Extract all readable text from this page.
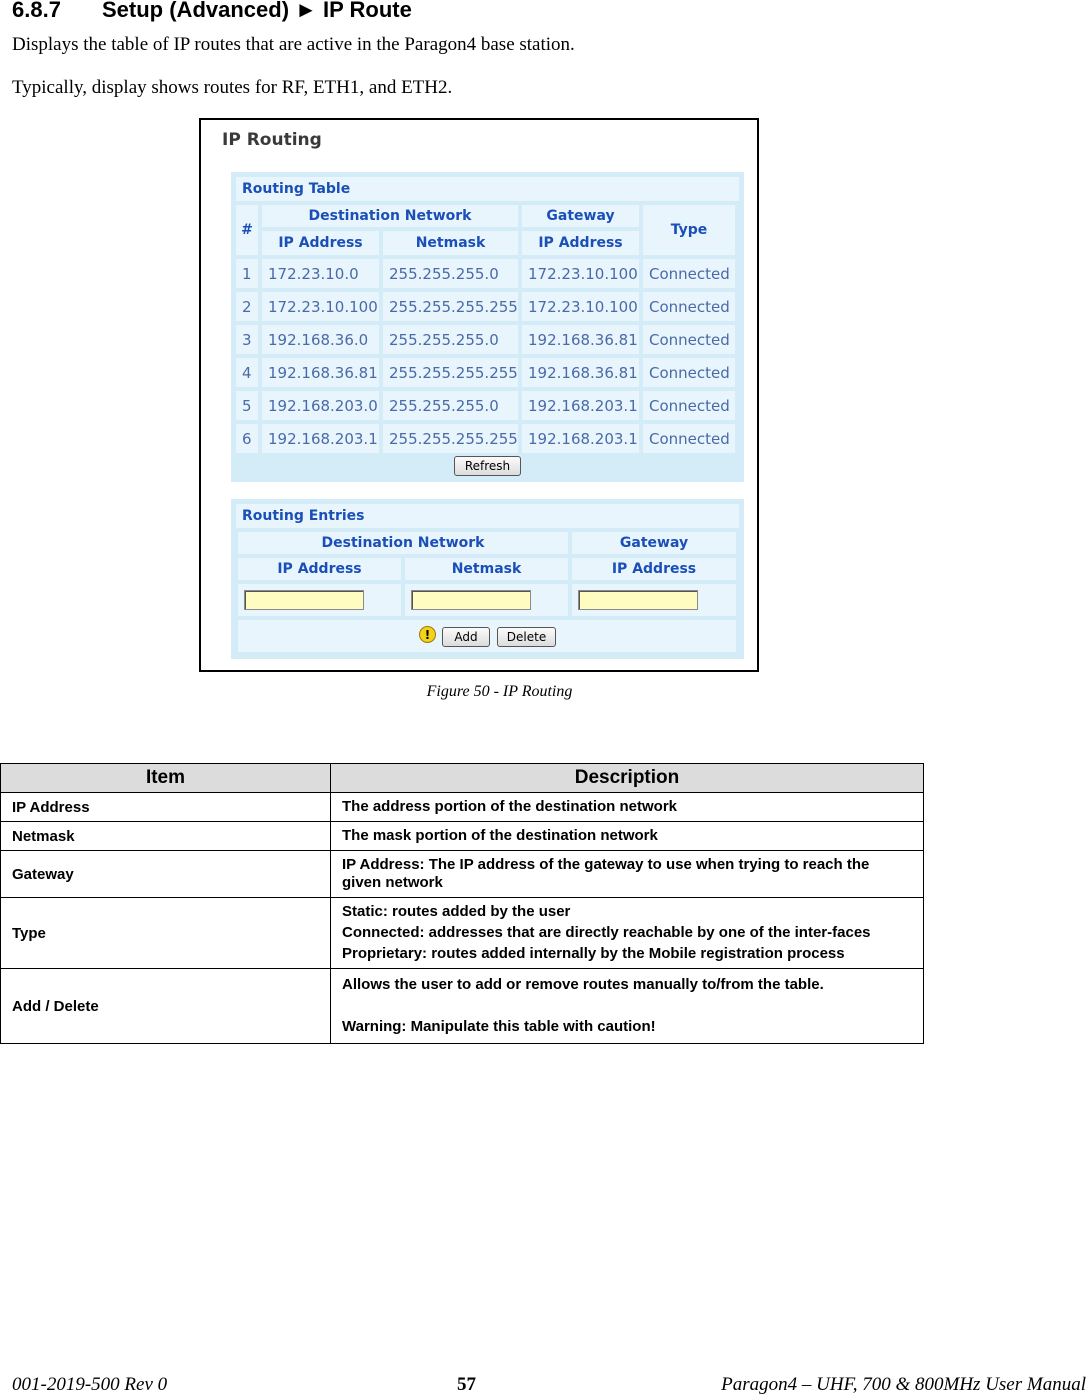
6.8.7 Setup (Advanced) ► IP Route
Displays the table of IP routes that are active in the Paragon4 base station.
Typically, display shows routes for RF, ETH1, and ETH2.
IP Routing
Routing Table
#
Destination Network	Gateway
Type
IP Address	Netmask	IP Address
1	172.23.10.0	255.255.255.0	172.23.10.100 Connected
2	172.23.10.100 255.255.255.255 172.23.10.100 Connected
3	192.168.36.0	255.255.255.0	192.168.36.81 Connected
4	192.168.36.81 255.255.255.255 192.168.36.81 Connected
5	192.168.203.0 255.255.255.0	192.168.203.1 Connected
6	192.168.203.1 255.255.255.255 192.168.203.1 Connected
Refresh
Routing Entries
Destination Network	Gateway
IP Address	Netmask	IP Address
!	Add	Delete
Figure 50 - IP Routing
Item	Description
IP Address	The address portion of the destination network

Netmask	The mask portion of the destination network

Gateway	IP Address: The IP address of the gateway to use when trying to reach the given network

Type	Static: routes added by the user

Connected: addresses that are directly reachable by one of the inter-faces

Proprietary: routes added internally by the Mobile registration process

Add / Delete	Allows the user to add or remove routes manually to/from the table.

Warning: Manipulate this table with caution!

001-2019-500 Rev 0	57	Paragon4 – UHF, 700 & 800MHz User Manual
